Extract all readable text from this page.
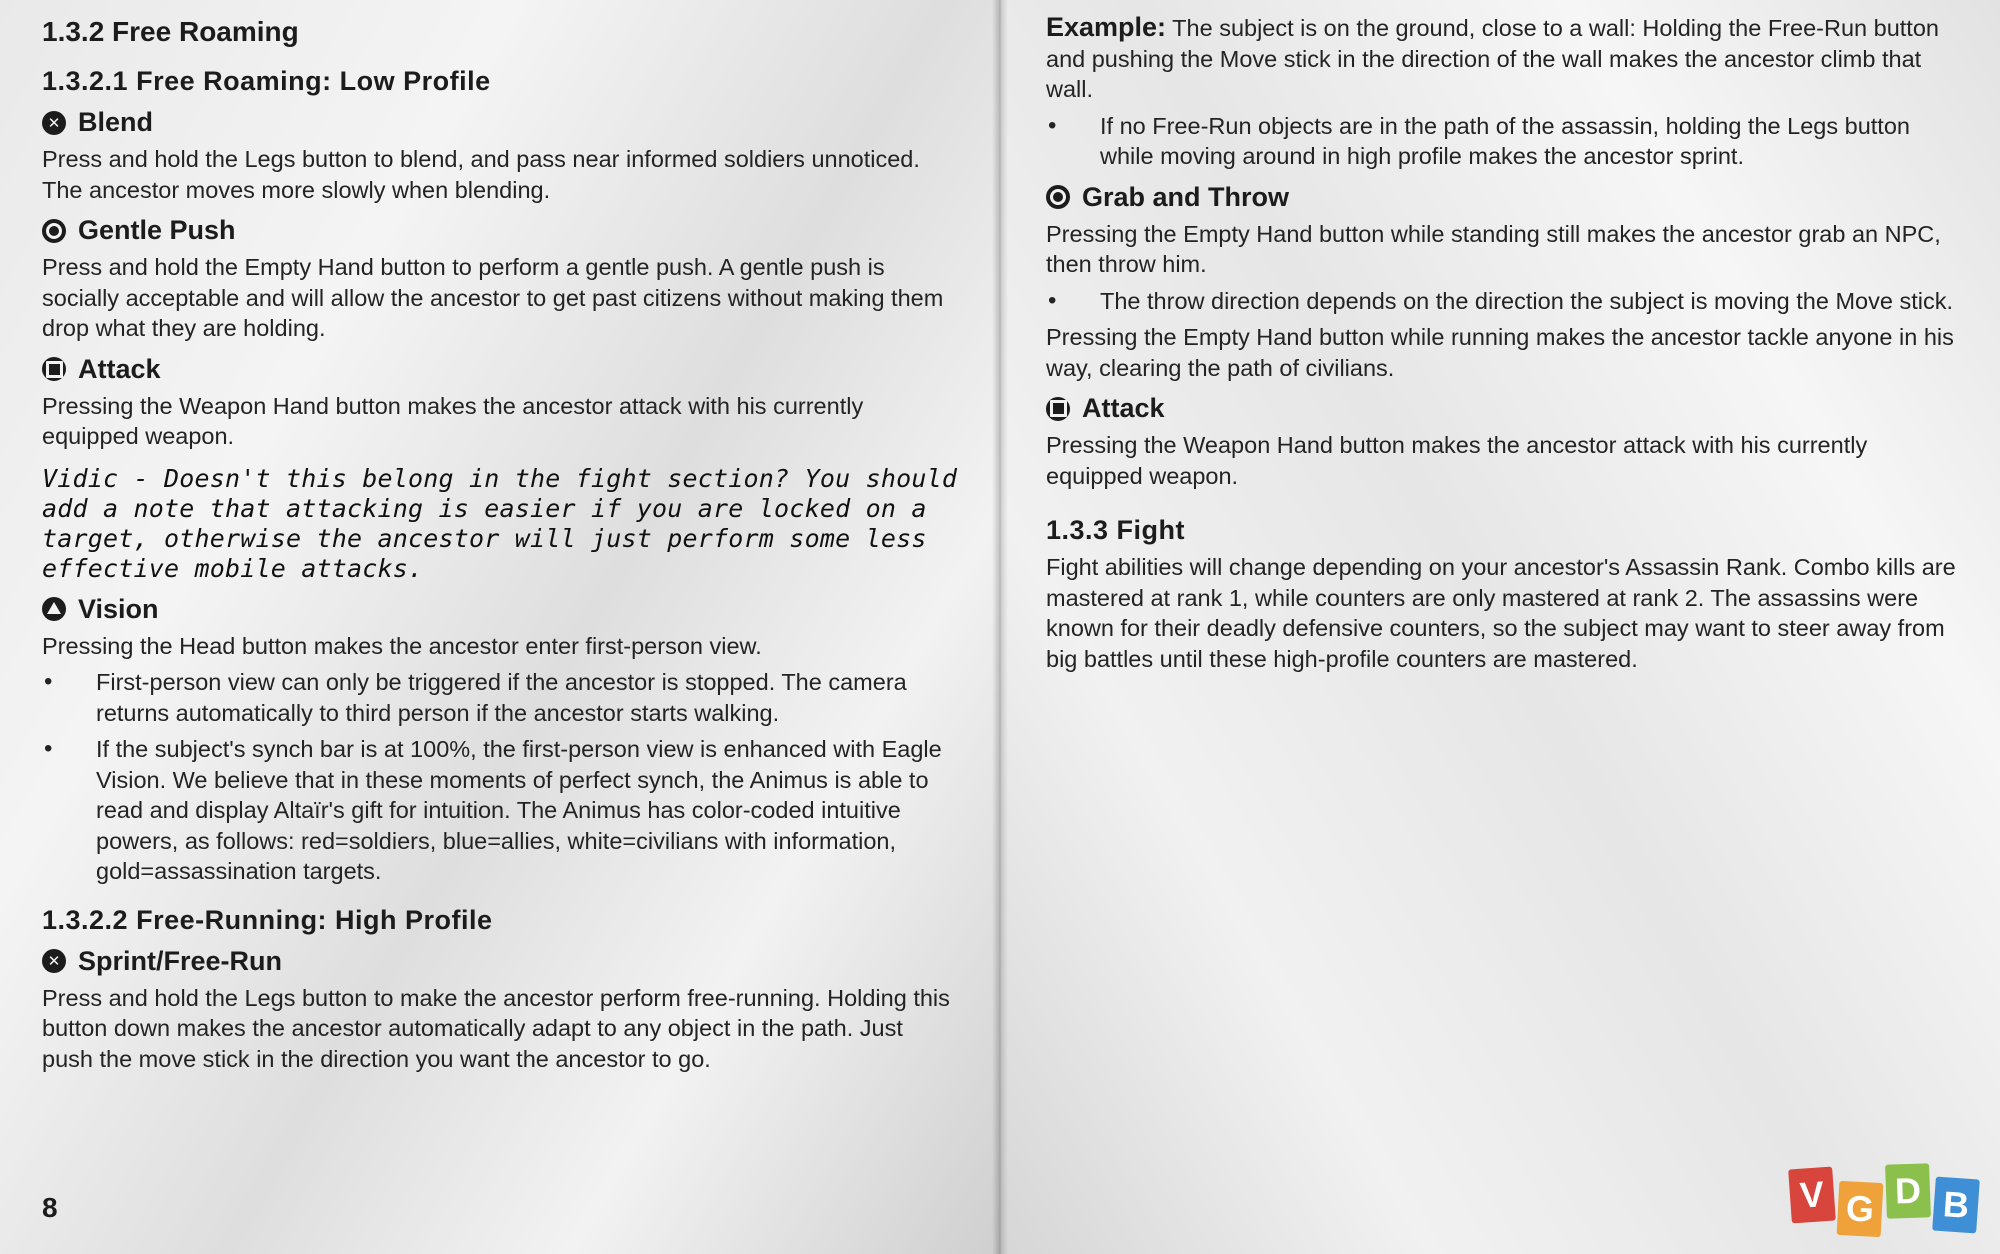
1.3.2 Free Roaming
1.3.2.1 Free Roaming: Low Profile
✕ Blend

Press and hold the Legs button to blend, and pass near informed soldiers unnoticed. The ancestor moves more slowly when blending.

Gentle Push

Press and hold the Empty Hand button to perform a gentle push. A gentle push is socially acceptable and will allow the ancestor to get past citizens without making them drop what they are holding.

Attack

Pressing the Weapon Hand button makes the ancestor attack with his currently equipped weapon.

Vidic - Doesn't this belong in the fight section? You should add a note that attacking is easier if you are locked on a target, otherwise the ancestor will just perform some less effective mobile attacks.
Vision

Pressing the Head button makes the ancestor enter first-person view.

• First-person view can only be triggered if the ancestor is stopped. The camera returns automatically to third person if the ancestor starts walking.
• If the subject's synch bar is at 100%, the first-person view is enhanced with Eagle Vision. We believe that in these moments of perfect synch, the Animus is able to read and display Altaïr's gift for intuition. The Animus has color-coded intuitive powers, as follows: red=soldiers, blue=allies, white=civilians with information, gold=assassination targets.
1.3.2.2 Free-Running: High Profile
✕ Sprint/Free-Run

Press and hold the Legs button to make the ancestor perform free-running. Holding this button down makes the ancestor automatically adapt to any object in the path. Just push the move stick in the direction you want the ancestor to go.

8

Example: The subject is on the ground, close to a wall: Holding the Free-Run button and pushing the Move stick in the direction of the wall makes the ancestor climb that wall.

• If no Free-Run objects are in the path of the assassin, holding the Legs button while moving around in high profile makes the ancestor sprint.
Grab and Throw

Pressing the Empty Hand button while standing still makes the ancestor grab an NPC, then throw him.

• The throw direction depends on the direction the subject is moving the Move stick.

Pressing the Empty Hand button while running makes the ancestor tackle anyone in his way, clearing the path of civilians.

Attack

Pressing the Weapon Hand button makes the ancestor attack with his currently equipped weapon.

1.3.3 Fight

Fight abilities will change depending on your ancestor's Assassin Rank. Combo kills are mastered at rank 1, while counters are only mastered at rank 2. The assassins were known for their deadly defensive counters, so the subject may want to steer away from big battles until these high-profile counters are mastered.

V G D B
